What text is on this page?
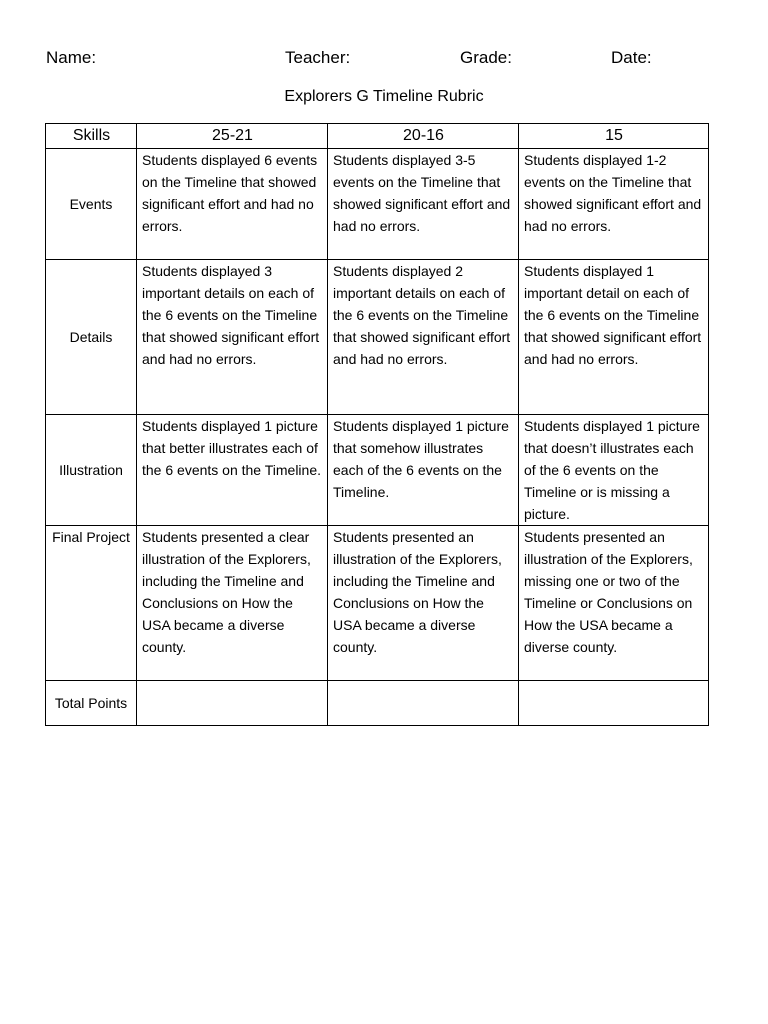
Name:	Teacher:	Grade:	Date:
Explorers G Timeline Rubric
Skills	25-21	20-16	15
Events	Students displayed 6 events on the Timeline that showed significant effort and had no errors.	Students displayed 3-5 events on the Timeline that showed significant effort and had no errors.	Students displayed 1-2 events on the Timeline that showed significant effort and had no errors.
Details	Students displayed 3 important details on each of the 6 events on the Timeline that showed significant effort and had no errors.	Students displayed 2 important details on each of the 6 events on the Timeline that showed significant effort and had no errors.	Students displayed 1 important detail on each of the 6 events on the Timeline that showed significant effort and had no errors.
Illustration	Students displayed 1 picture that better illustrates each of the 6 events on the Timeline.	Students displayed 1 picture that somehow illustrates each of the 6 events on the Timeline.	Students displayed 1 picture that doesn’t illustrates each of the 6 events on the Timeline or is missing a picture.
Final Project	Students presented a clear illustration of the Explorers, including the Timeline and Conclusions on How the USA became a diverse county.	Students presented an illustration of the Explorers, including the Timeline and Conclusions on How the USA became a diverse county.	Students presented an illustration of the Explorers, missing one or two of the Timeline or Conclusions on How the USA became a diverse county.
Total Points			
